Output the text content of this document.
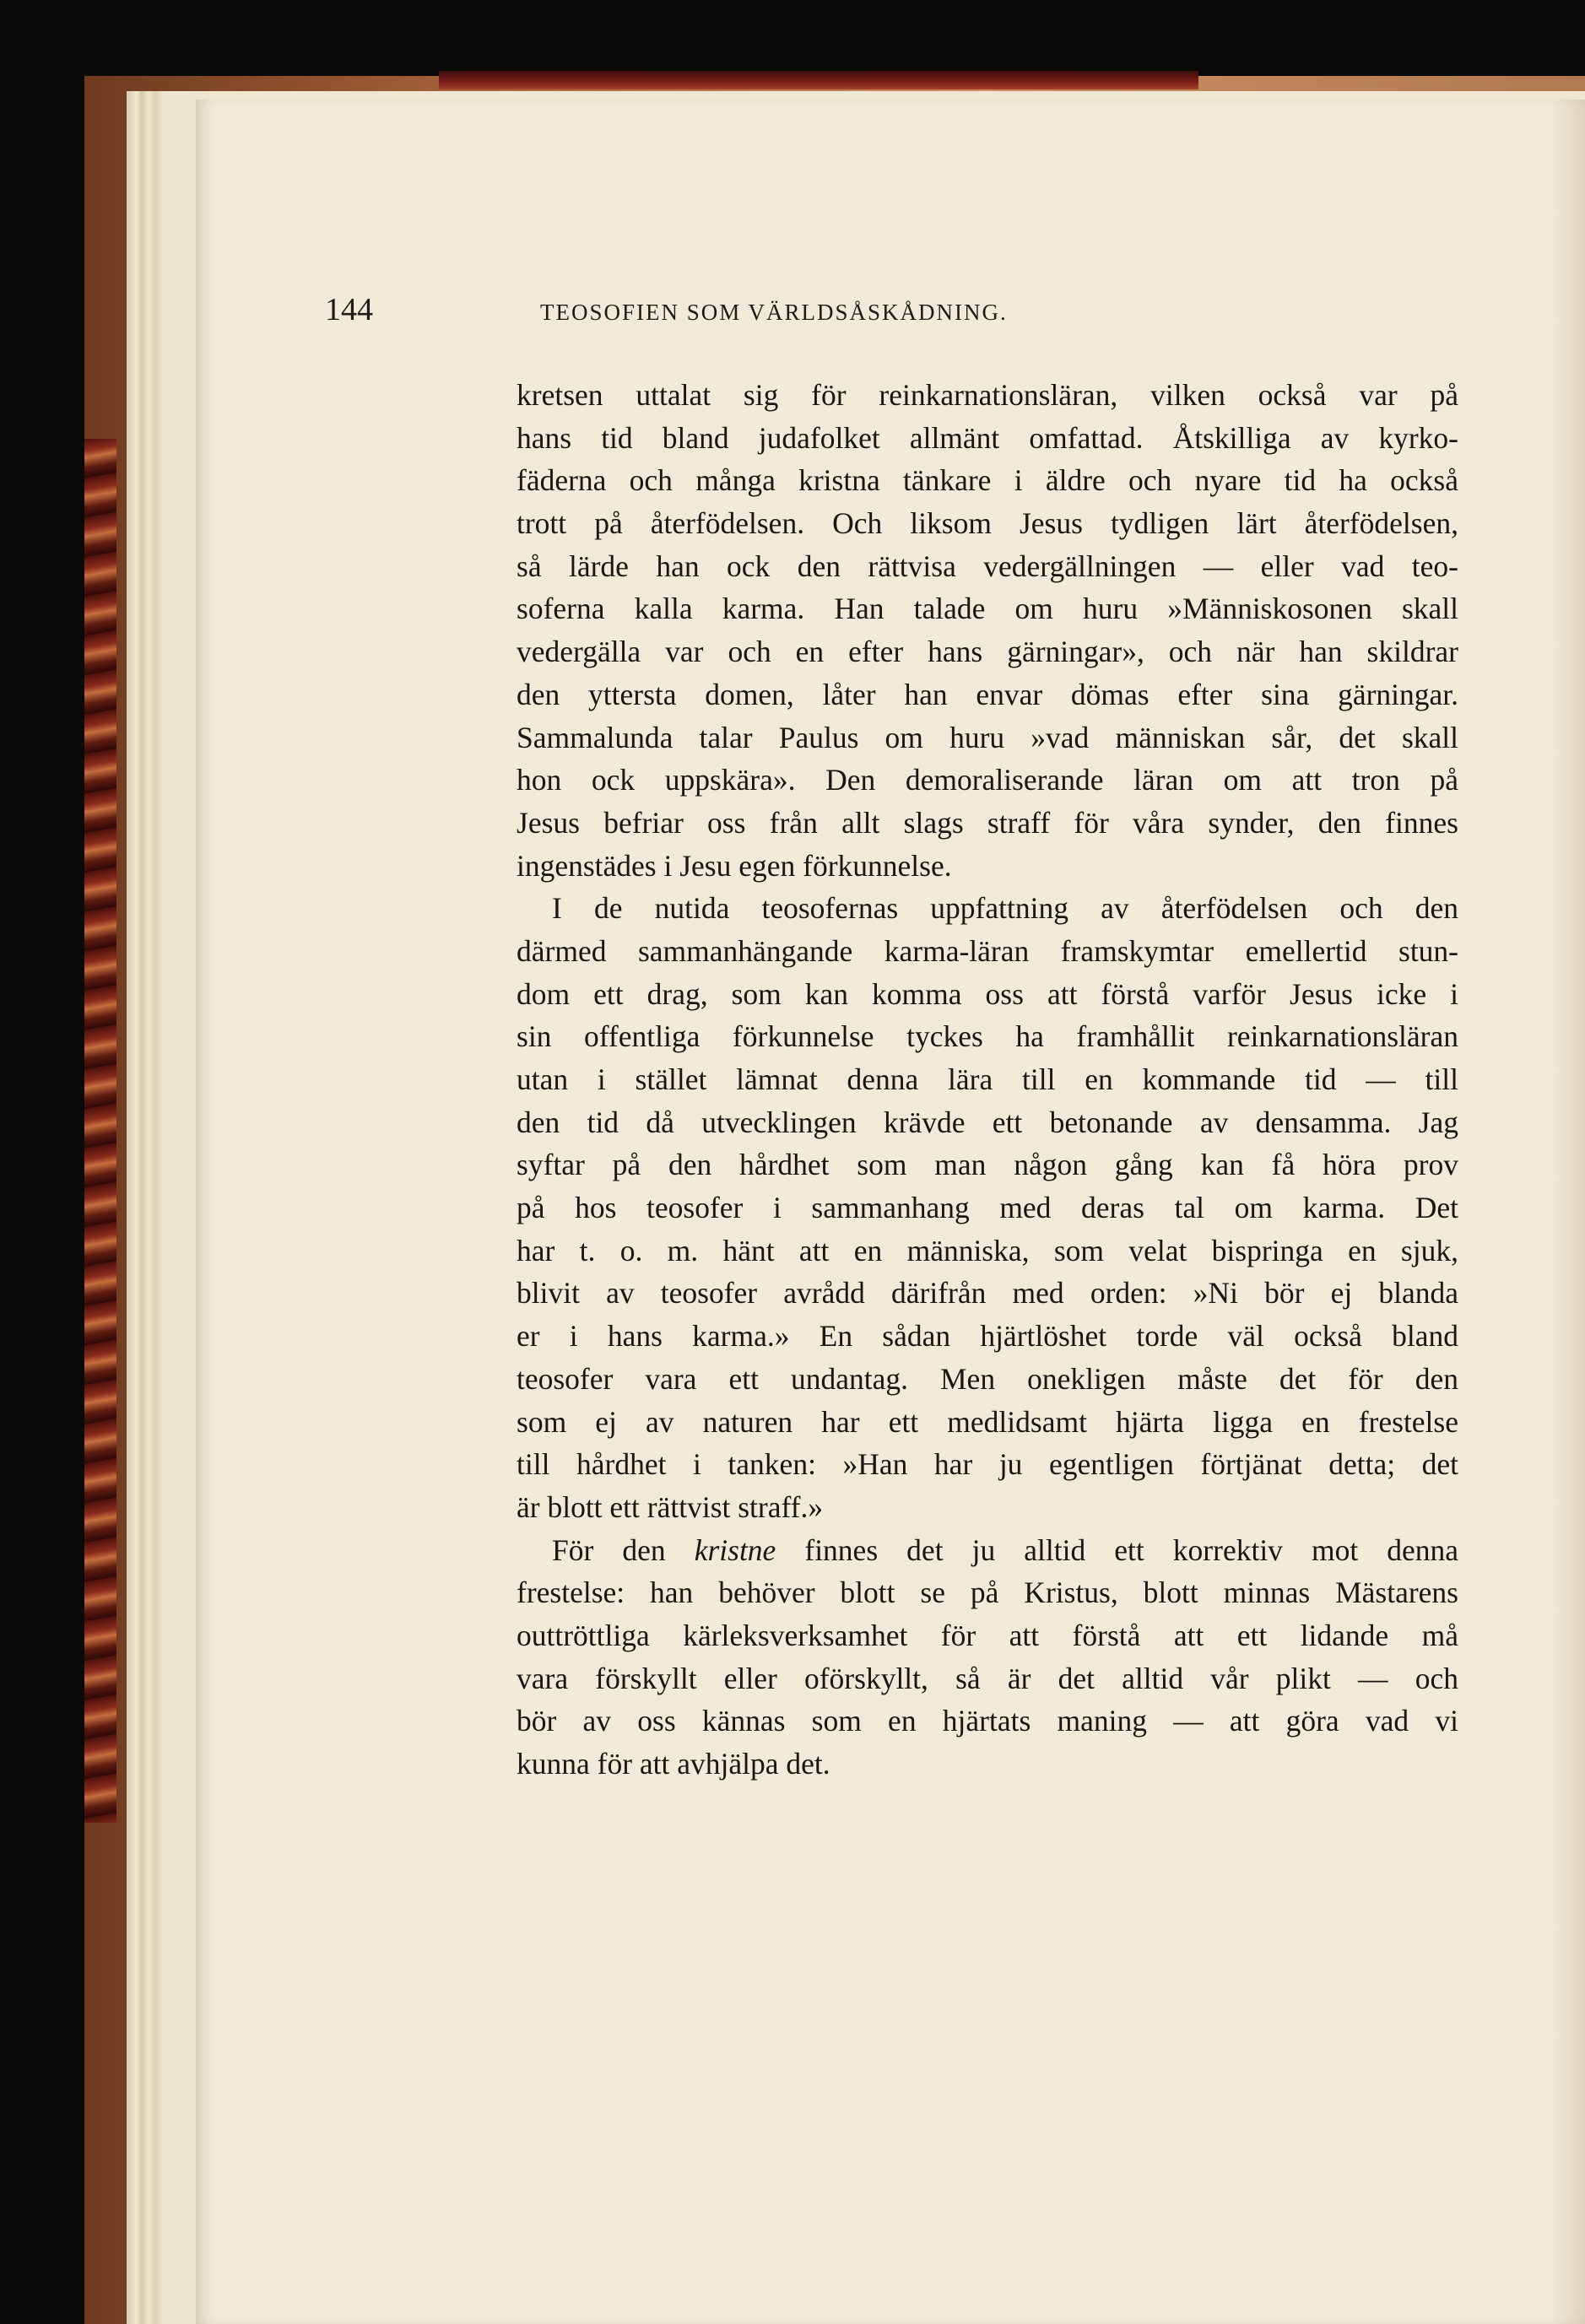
144	TEOSOFIEN SOM VÄRLDSÅSKÅDNING.
kretsen uttalat sig för reinkarnationsläran, vilken också var på
hans tid bland judafolket allmänt omfattad. Åtskilliga av kyrko-
fäderna och många kristna tänkare i äldre och nyare tid ha också
trott på återfödelsen. Och liksom Jesus tydligen lärt återfödelsen,
så lärde han ock den rättvisa vedergällningen — eller vad teo-
soferna kalla karma. Han talade om huru »Människosonen skall
vedergälla var och en efter hans gärningar», och när han skildrar
den yttersta domen, låter han envar dömas efter sina gärningar.
Sammalunda talar Paulus om huru »vad människan sår, det skall
hon ock uppskära». Den demoraliserande läran om att tron på
Jesus befriar oss från allt slags straff för våra synder, den finnes
ingenstädes i Jesu egen förkunnelse.
I de nutida teosofernas uppfattning av återfödelsen och den
därmed sammanhängande karma-läran framskymtar emellertid stun-
dom ett drag, som kan komma oss att förstå varför Jesus icke i
sin offentliga förkunnelse tyckes ha framhållit reinkarnationsläran
utan i stället lämnat denna lära till en kommande tid — till
den tid då utvecklingen krävde ett betonande av densamma. Jag
syftar på den hårdhet som man någon gång kan få höra prov
på hos teosofer i sammanhang med deras tal om karma. Det
har t. o. m. hänt att en människa, som velat bispringa en sjuk,
blivit av teosofer avrådd därifrån med orden: »Ni bör ej blanda
er i hans karma.» En sådan hjärtlöshet torde väl också bland
teosofer vara ett undantag. Men onekligen måste det för den
som ej av naturen har ett medlidsamt hjärta ligga en frestelse
till hårdhet i tanken: »Han har ju egentligen förtjänat detta; det
är blott ett rättvist straff.»
För den kristne finnes det ju alltid ett korrektiv mot denna
frestelse: han behöver blott se på Kristus, blott minnas Mästarens
outtröttliga kärleksverksamhet för att förstå att ett lidande må
vara förskyllt eller oförskyllt, så är det alltid vår plikt — och
bör av oss kännas som en hjärtats maning — att göra vad vi
kunna för att avhjälpa det.
